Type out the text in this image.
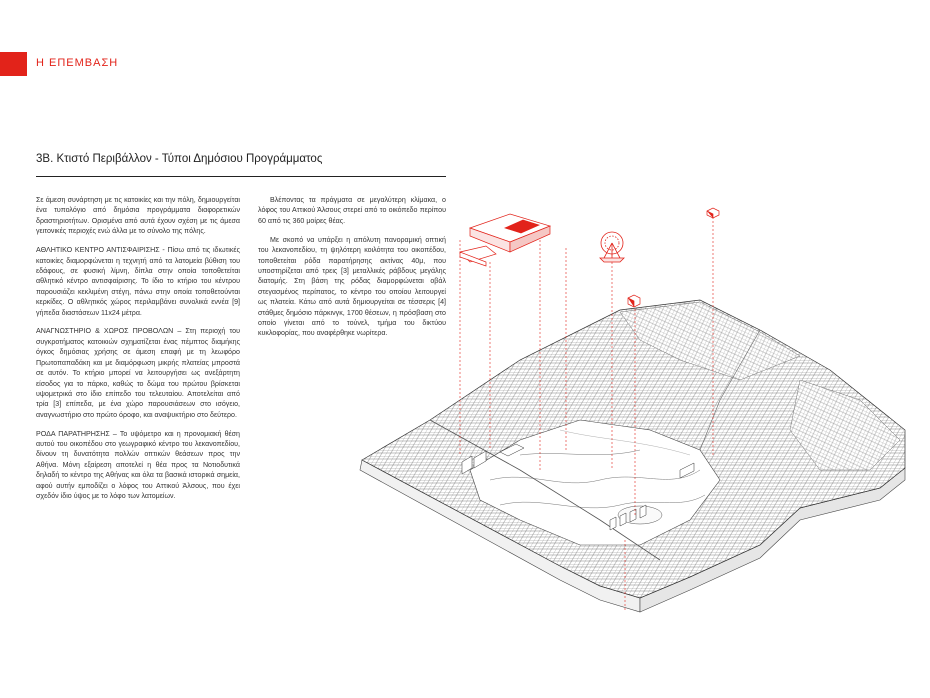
Η ΕΠΕΜΒΑΣΗ
3Β. Κτιστό Περιβάλλον - Τύποι Δημόσιου Προγράμματος

Σε άμεση συνάρτηση με τις κατοικίες και την πόλη, δημιουργείται ένα τυπολόγιο από δημόσια προγράμματα διαφορετικών δραστηριοτήτων. Ορισμένα από αυτά έχουν σχέση με τις άμεσα γειτονικές περιοχές ενώ άλλα με το σύνολο της πόλης.

ΑΘΛΗΤΙΚΟ ΚΕΝΤΡΟ ΑΝΤΙΣΦΑΙΡΙΣΗΣ - Πίσω από τις ιδιωτικές κατοικίες διαμορφώνεται η τεχνητή από τα λατομεία βύθιση του εδάφους, σε φυσική λίμνη, δίπλα στην οποία τοποθετείται αθλητικό κέντρο αντισφαίρισης. Το ίδιο το κτήριο του κέντρου παρουσιάζει κεκλιμένη στέγη, πάνω στην οποία τοποθετούνται κερκίδες. Ο αθλητικός χώρος περιλαμβάνει συνολικά εννέα [9] γήπεδα διαστάσεων 11x24 μέτρα.

ΑΝΑΓΝΩΣΤΗΡΙΟ & ΧΩΡΟΣ ΠΡΟΒΟΛΩΝ – Στη περιοχή του συγκροτήματος κατοικιών σχηματίζεται ένας πέμπτος διαμήκης όγκος δημόσιας χρήσης σε άμεση επαφή με τη λεωφόρο Πρωτοπαπαδάκη και με διαμόρφωση μικρής πλατείας μπροστά σε αυτόν. Το κτήριο μπορεί να λειτουργήσει ως ανεξάρτητη είσοδος για το πάρκο, καθώς το δώμα του πρώτου βρίσκεται υψομετρικά στο ίδιο επίπεδο του τελευταίου. Αποτελείται από τρία [3] επίπεδα, με ένα χώρο παρουσιάσεων στο ισόγειο, αναγνωστήριο στο πρώτο όροφο, και αναψυκτήριο στο δεύτερο.

ΡΟΔΑ ΠΑΡΑΤΗΡΗΣΗΣ – Το υψόμετρο και η προνομιακή θέση αυτού του οικοπέδου στο γεωγραφικό κέντρο του λεκανοπεδίου, δίνουν τη δυνατότητα πολλών οπτικών θεάσεων προς την Αθήνα. Μόνη εξαίρεση αποτελεί η θέα προς τα Νοτιοδυτικά δηλαδή το κέντρο της Αθήνας και όλα τα βασικά ιστορικά σημεία, αφού αυτήν εμποδίζει ο λόφος του Αττικού Άλσους, που έχει σχεδόν ίδιο ύψος με το λόφο των λατομείων.

Βλέποντας τα πράγματα σε μεγαλύτερη κλίμακα, ο λόφος του Αττικού Άλσους στερεί από το οικόπεδο περίπου 60 από τις 360 μοίρες θέας.

Με σκοπό να υπάρξει η απόλυτη πανοραμική οπτική του λεκανοπεδίου, τη ψηλότερη κοιλότητα του οικοπέδου, τοποθετείται ρόδα παρατήρησης ακτίνας 40μ, που υποστηρίζεται από τρεις [3] μεταλλικές ράβδους μεγάλης διατομής. Στη βάση της ρόδας διαμορφώνεται οβάλ στεγασμένος περίπατος, το κέντρο του οποίου λειτουργεί ως πλατεία. Κάτω από αυτά δημιουργείται σε τέσσερις [4] στάθμες δημόσιο πάρκινγκ, 1700 θέσεων, η πρόσβαση στο οποίο γίνεται από το τούνελ, τμήμα του δικτύου κυκλοφορίας, που αναφέρθηκε νωρίτερα.
